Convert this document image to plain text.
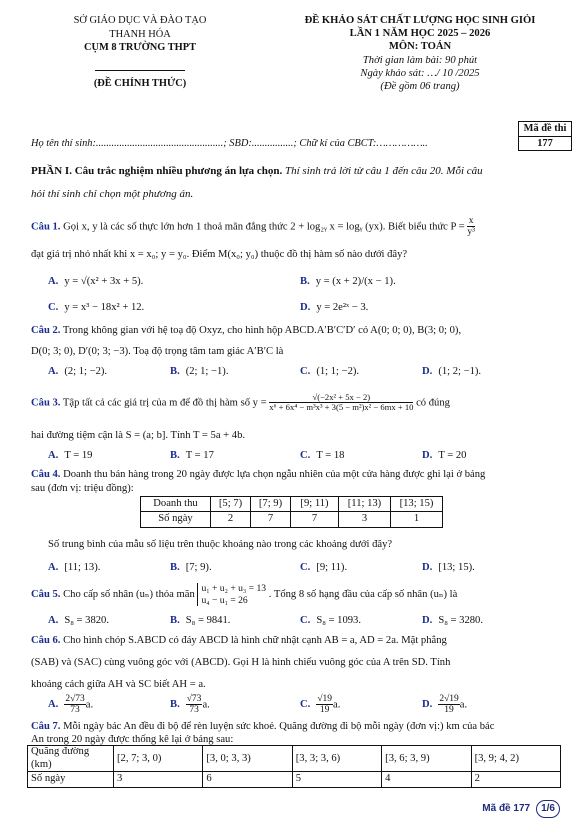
SỞ GIÁO DỤC VÀ ĐÀO TẠO
THANH HÓA
CỤM 8 TRƯỜNG THPT
(ĐỀ CHÍNH THỨC)
ĐỀ KHẢO SÁT CHẤT LƯỢNG HỌC SINH GIỎI
LẦN 1 NĂM HỌC 2025 – 2026
MÔN: TOÁN
Thời gian làm bài: 90 phút
Ngày khảo sát: …/ 10 /2025
(Đề gồm 06 trang)
Mã đề thi
177
Họ tên thí sinh:.................................................; SBD:................; Chữ kí của CBCT:……………..
PHẦN I. Câu trắc nghiệm nhiều phương án lựa chọn. Thí sinh trả lời từ câu 1 đến câu 20. Mỗi câu
hỏi thí sinh chỉ chọn một phương án.
Câu 1. Gọi x, y là các số thực lớn hơn 1 thoả mãn đẳng thức 2 + log₂ᵧ x = logᵧ (yx). Biết biểu thức $P = \frac{x}{\text{y³}}$
đạt giá trị nhỏ nhất khi x = x₀; y = y₀. Điểm M(x₀; y₀) thuộc đồ thị hàm số nào dưới đây?
A. y = √(x² + 3x + 5).	B. y = (x + 2)/(x − 1).
C. y = x³ − 18x² + 12.	D. y = 2e²ˣ − 3.
Câu 2. Trong không gian với hệ toạ độ Oxyz, cho hình hộp ABCD.A′B′C′D′ có A(0; 0; 0), B(3; 0; 0),
D(0; 3; 0), D′(0; 3; −3). Toạ độ trọng tâm tam giác A′B′C là
A. (2; 1; −2).	B. (2; 1; −1).	C. (1; 1; −2).	D. (1; 2; −1).
Câu 3. Tập tất cả các giá trị của m để đồ thị hàm số $y = \frac{\text{√(−2x² + 5x − 2)}}{\text{x⁶ + 6x⁴ − m³x³ + 3(5 − m²)x² − 6mx + 10}}$ có đúng
hai đường tiệm cận là S = (a; b]. Tính T = 5a + 4b.
A. T = 19	B. T = 17	C. T = 18	D. T = 20
Câu 4. Doanh thu bán hàng trong 20 ngày được lựa chọn ngẫu nhiên của một cửa hàng được ghi lại ở bảng
sau (đơn vị: triệu đồng):
Doanh thu	[5; 7)	[7; 9)	[9; 11)	[11; 13)	[13; 15)
Số ngày	2	7	7	3	1
Số trung bình của mẫu số liệu trên thuộc khoảng nào trong các khoảng dưới đây?
A. [11; 13).	B. [7; 9).	C. [9; 11).	D. [13; 15).
Câu 5. Cho cấp số nhân (uₙ) thỏa mãn
u₁ + u₂ + u₃ = 13
u₄ − u₁ = 26
. Tổng 8 số hạng đầu của cấp số nhân (uₙ) là
A. S₈ = 3820.	B. S₈ = 9841.	C. S₈ = 1093.	D. S₈ = 3280.
Câu 6. Cho hình chóp S.ABCD có đáy ABCD là hình chữ nhật cạnh AB = a, AD = 2a. Mặt phẳng
(SAB) và (SAC) cùng vuông góc với (ABCD). Gọi H là hình chiếu vuông góc của A trên SD. Tính
khoảng cách giữa AH và SC biết AH = a.
A. $\frac{2√73}{73} a$.	B. $\frac{√73}{73} a$.	C. $\frac{√19}{19} a$.	D. $\frac{2√19}{19} a$.
Câu 7. Mỗi ngày bác An đều đi bộ để rèn luyện sức khoẻ. Quãng đường đi bộ mỗi ngày (đơn vị:) km của bác
An trong 20 ngày được thống kê lại ở bảng sau:
Quãng đường
(km)	[2, 7; 3, 0)	[3, 0; 3, 3)	[3, 3; 3, 6)	[3, 6; 3, 9)	[3, 9; 4, 2)
Số ngày	3	6	5	4	2
Mã đề 177 1/6
